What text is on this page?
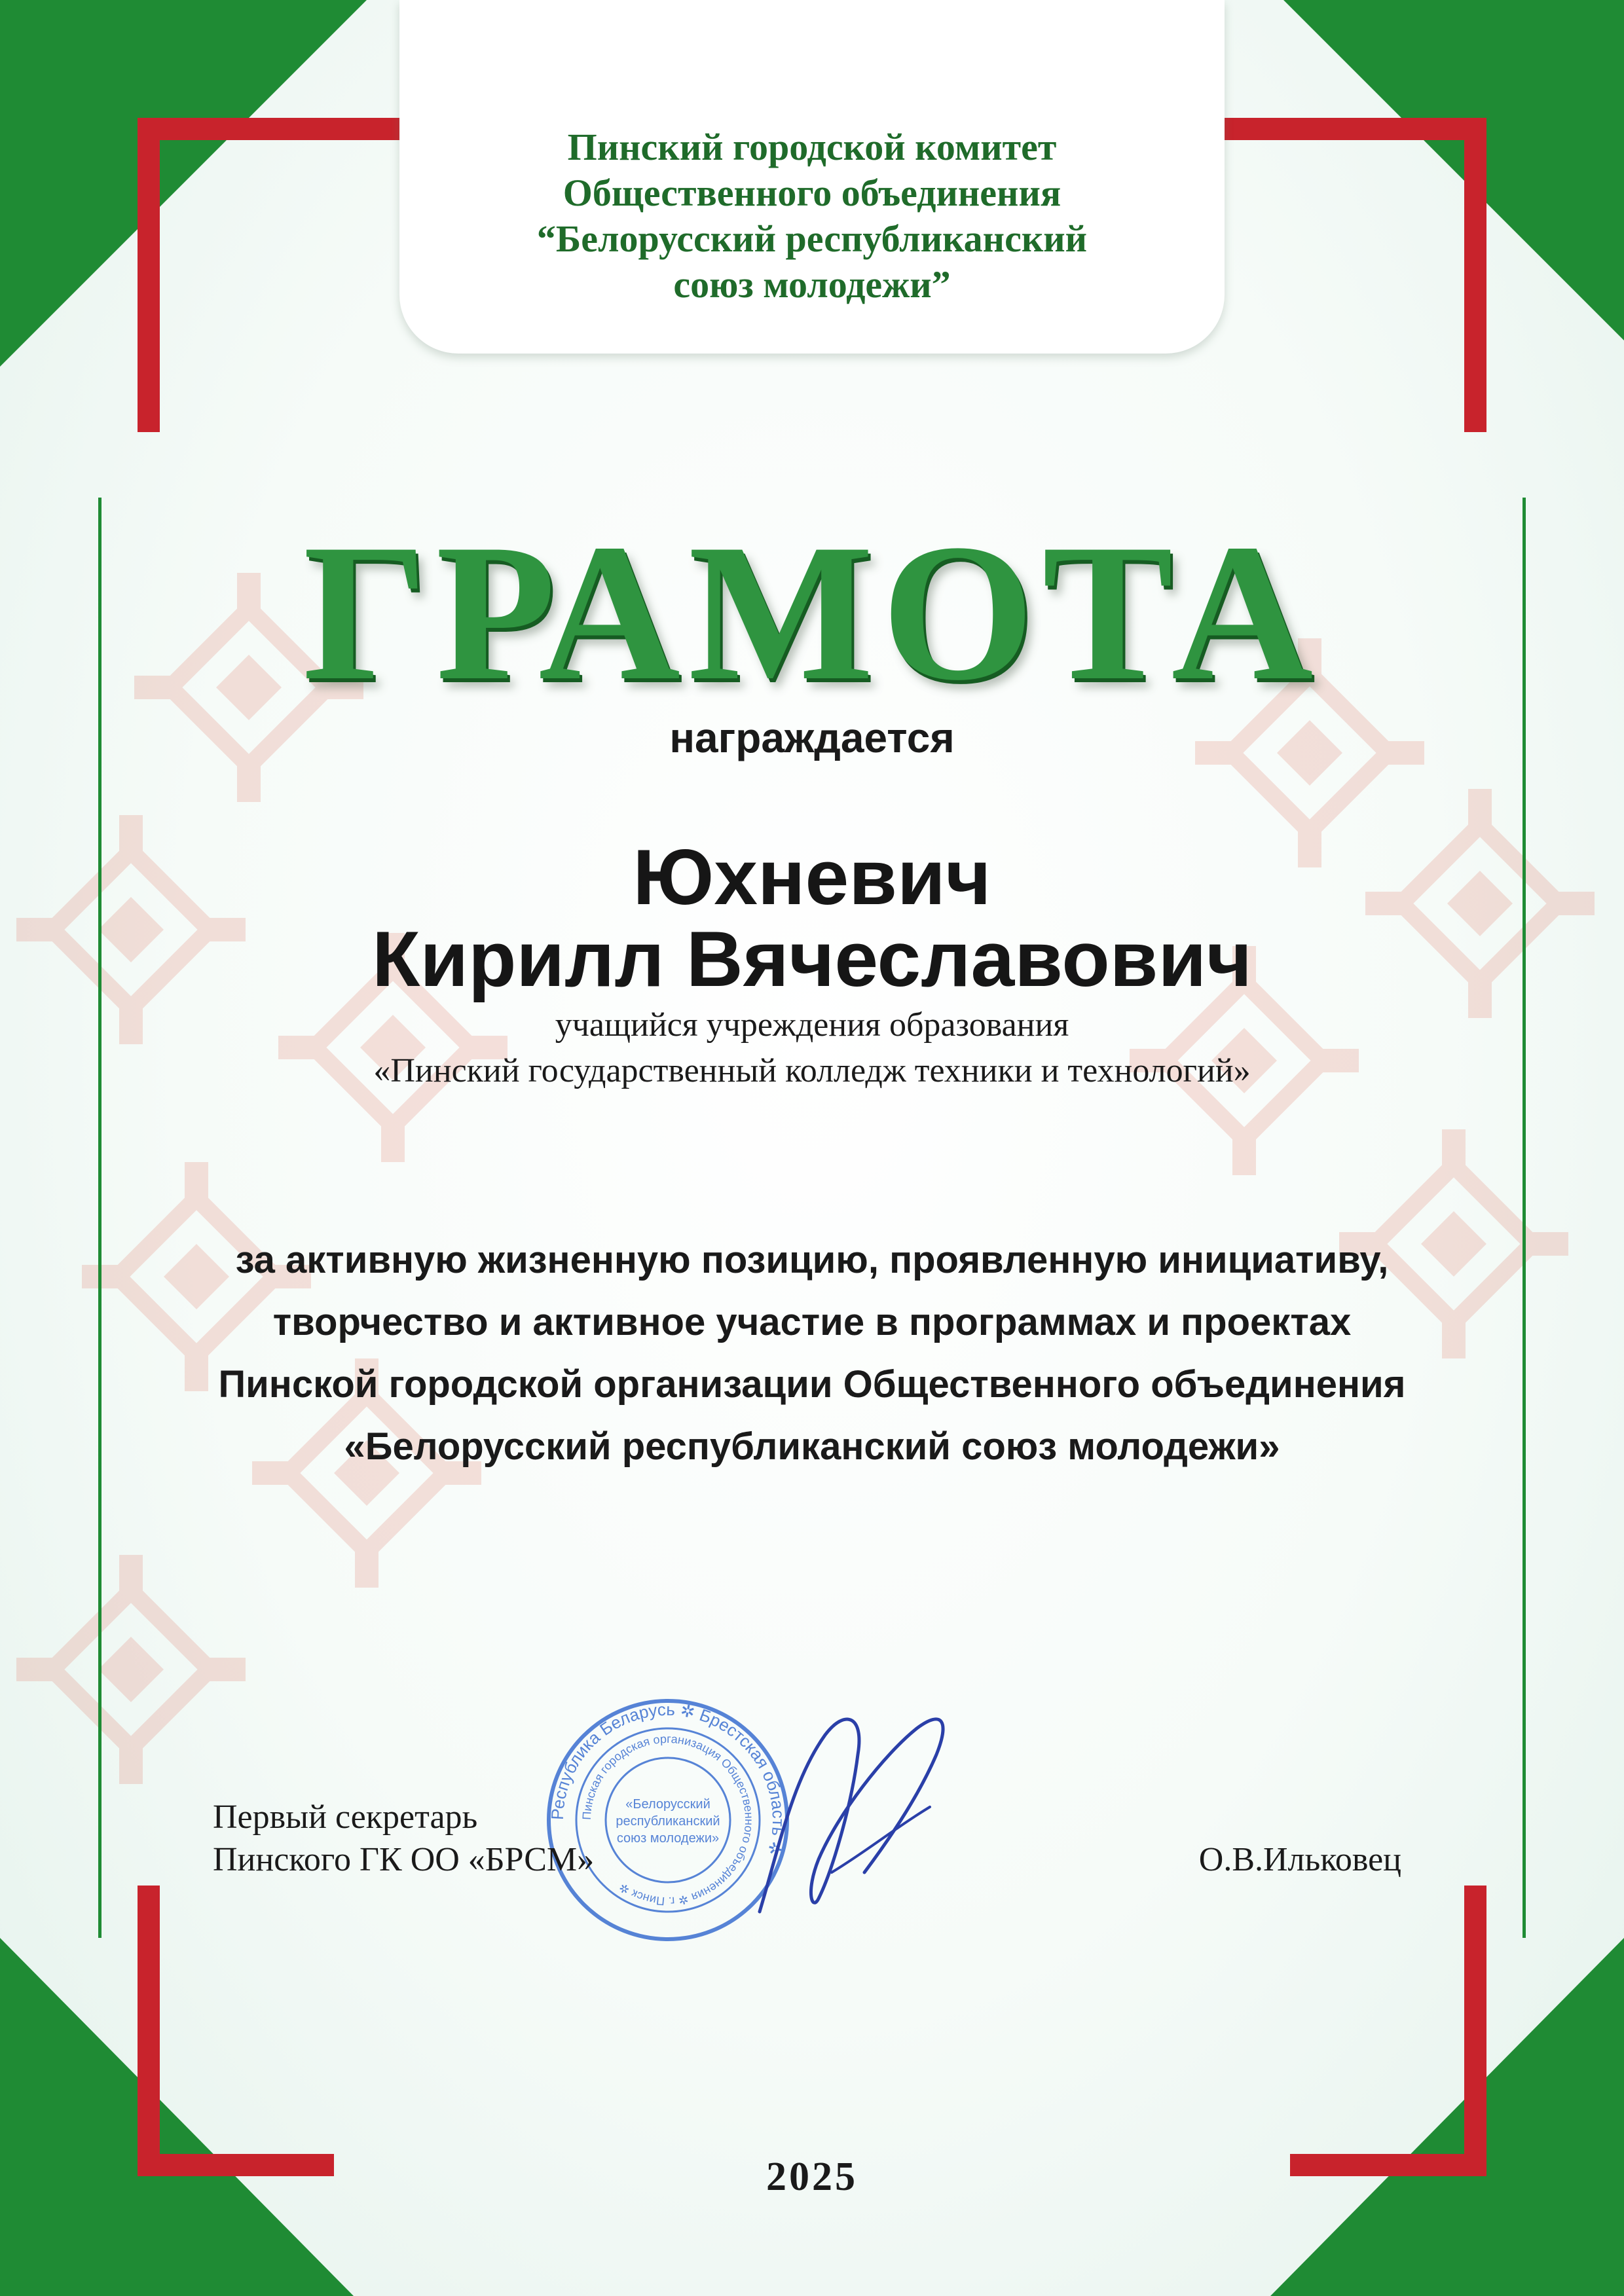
Пинский городской комитет
Общественного объединения
“Белорусский республиканский
союз молодежи”
ГРАМОТА
награждается
Юхневич
Кирилл Вячеславович
учащийся учреждения образования
«Пинский государственный колледж техники и технологий»
за активную жизненную позицию, проявленную инициативу,
творчество и активное участие в программах и проектах
Пинской городской организации Общественного объединения
«Белорусский республиканский союз молодежи»
Республика Беларусь ✲ Брестская область ✲
Пинская городская организация Общественного объединения ✲ г. Пинск ✲
«Белорусский
республиканский
союз молодежи»
Первый секретарь
Пинского ГК ОО «БРСМ»	О.В.Ильковец
2025
